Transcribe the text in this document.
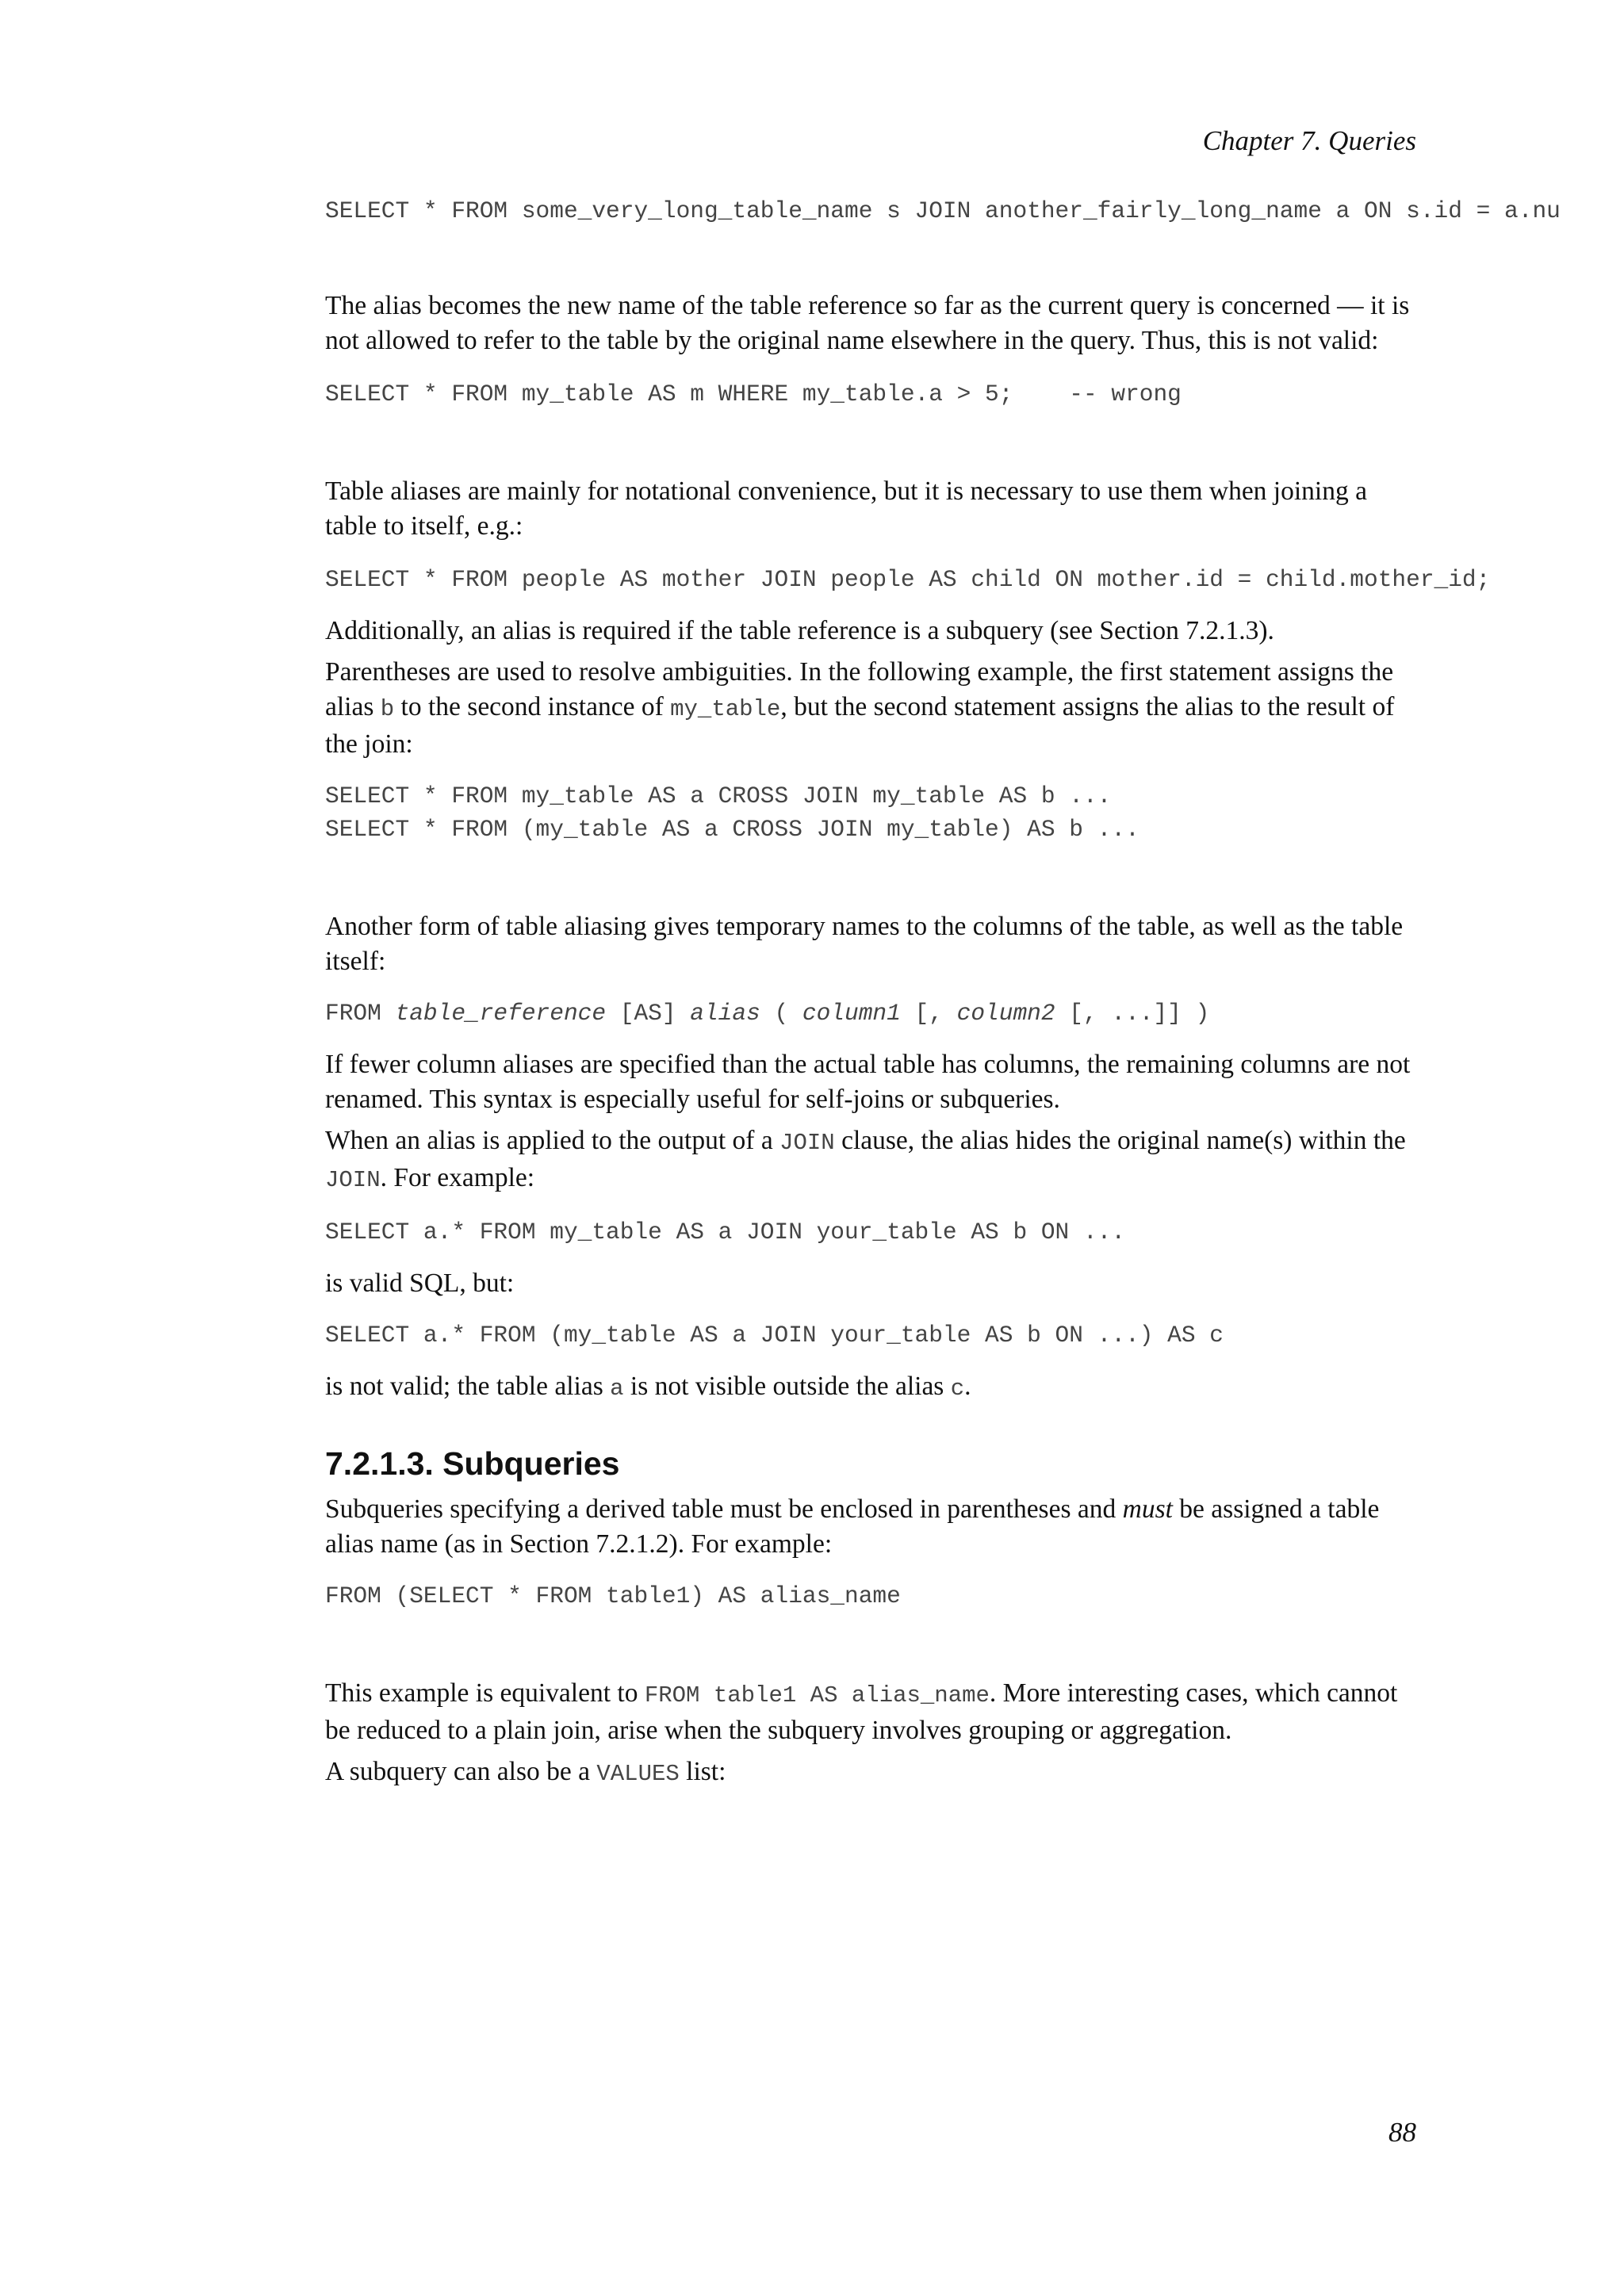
Chapter 7. Queries
SELECT * FROM some_very_long_table_name s JOIN another_fairly_long_name a ON s.id = a.nu

The alias becomes the new name of the table reference so far as the current query is concerned — it is not allowed to refer to the table by the original name elsewhere in the query. Thus, this is not valid:

SELECT * FROM my_table AS m WHERE my_table.a > 5;    -- wrong

Table aliases are mainly for notational convenience, but it is necessary to use them when joining a table to itself, e.g.:

SELECT * FROM people AS mother JOIN people AS child ON mother.id = child.mother_id;

Additionally, an alias is required if the table reference is a subquery (see Section 7.2.1.3).

Parentheses are used to resolve ambiguities. In the following example, the first statement assigns the alias b to the second instance of my_table, but the second statement assigns the alias to the result of the join:

SELECT * FROM my_table AS a CROSS JOIN my_table AS b ...
SELECT * FROM (my_table AS a CROSS JOIN my_table) AS b ...

Another form of table aliasing gives temporary names to the columns of the table, as well as the table itself:

FROM table_reference [AS] alias ( column1 [, column2 [, ...]] )

If fewer column aliases are specified than the actual table has columns, the remaining columns are not renamed. This syntax is especially useful for self-joins or subqueries.

When an alias is applied to the output of a JOIN clause, the alias hides the original name(s) within the JOIN. For example:

SELECT a.* FROM my_table AS a JOIN your_table AS b ON ...

is valid SQL, but:

SELECT a.* FROM (my_table AS a JOIN your_table AS b ON ...) AS c

is not valid; the table alias a is not visible outside the alias c.

7.2.1.3. Subqueries

Subqueries specifying a derived table must be enclosed in parentheses and must be assigned a table alias name (as in Section 7.2.1.2). For example:

FROM (SELECT * FROM table1) AS alias_name

This example is equivalent to FROM table1 AS alias_name. More interesting cases, which cannot be reduced to a plain join, arise when the subquery involves grouping or aggregation.

A subquery can also be a VALUES list:

88
